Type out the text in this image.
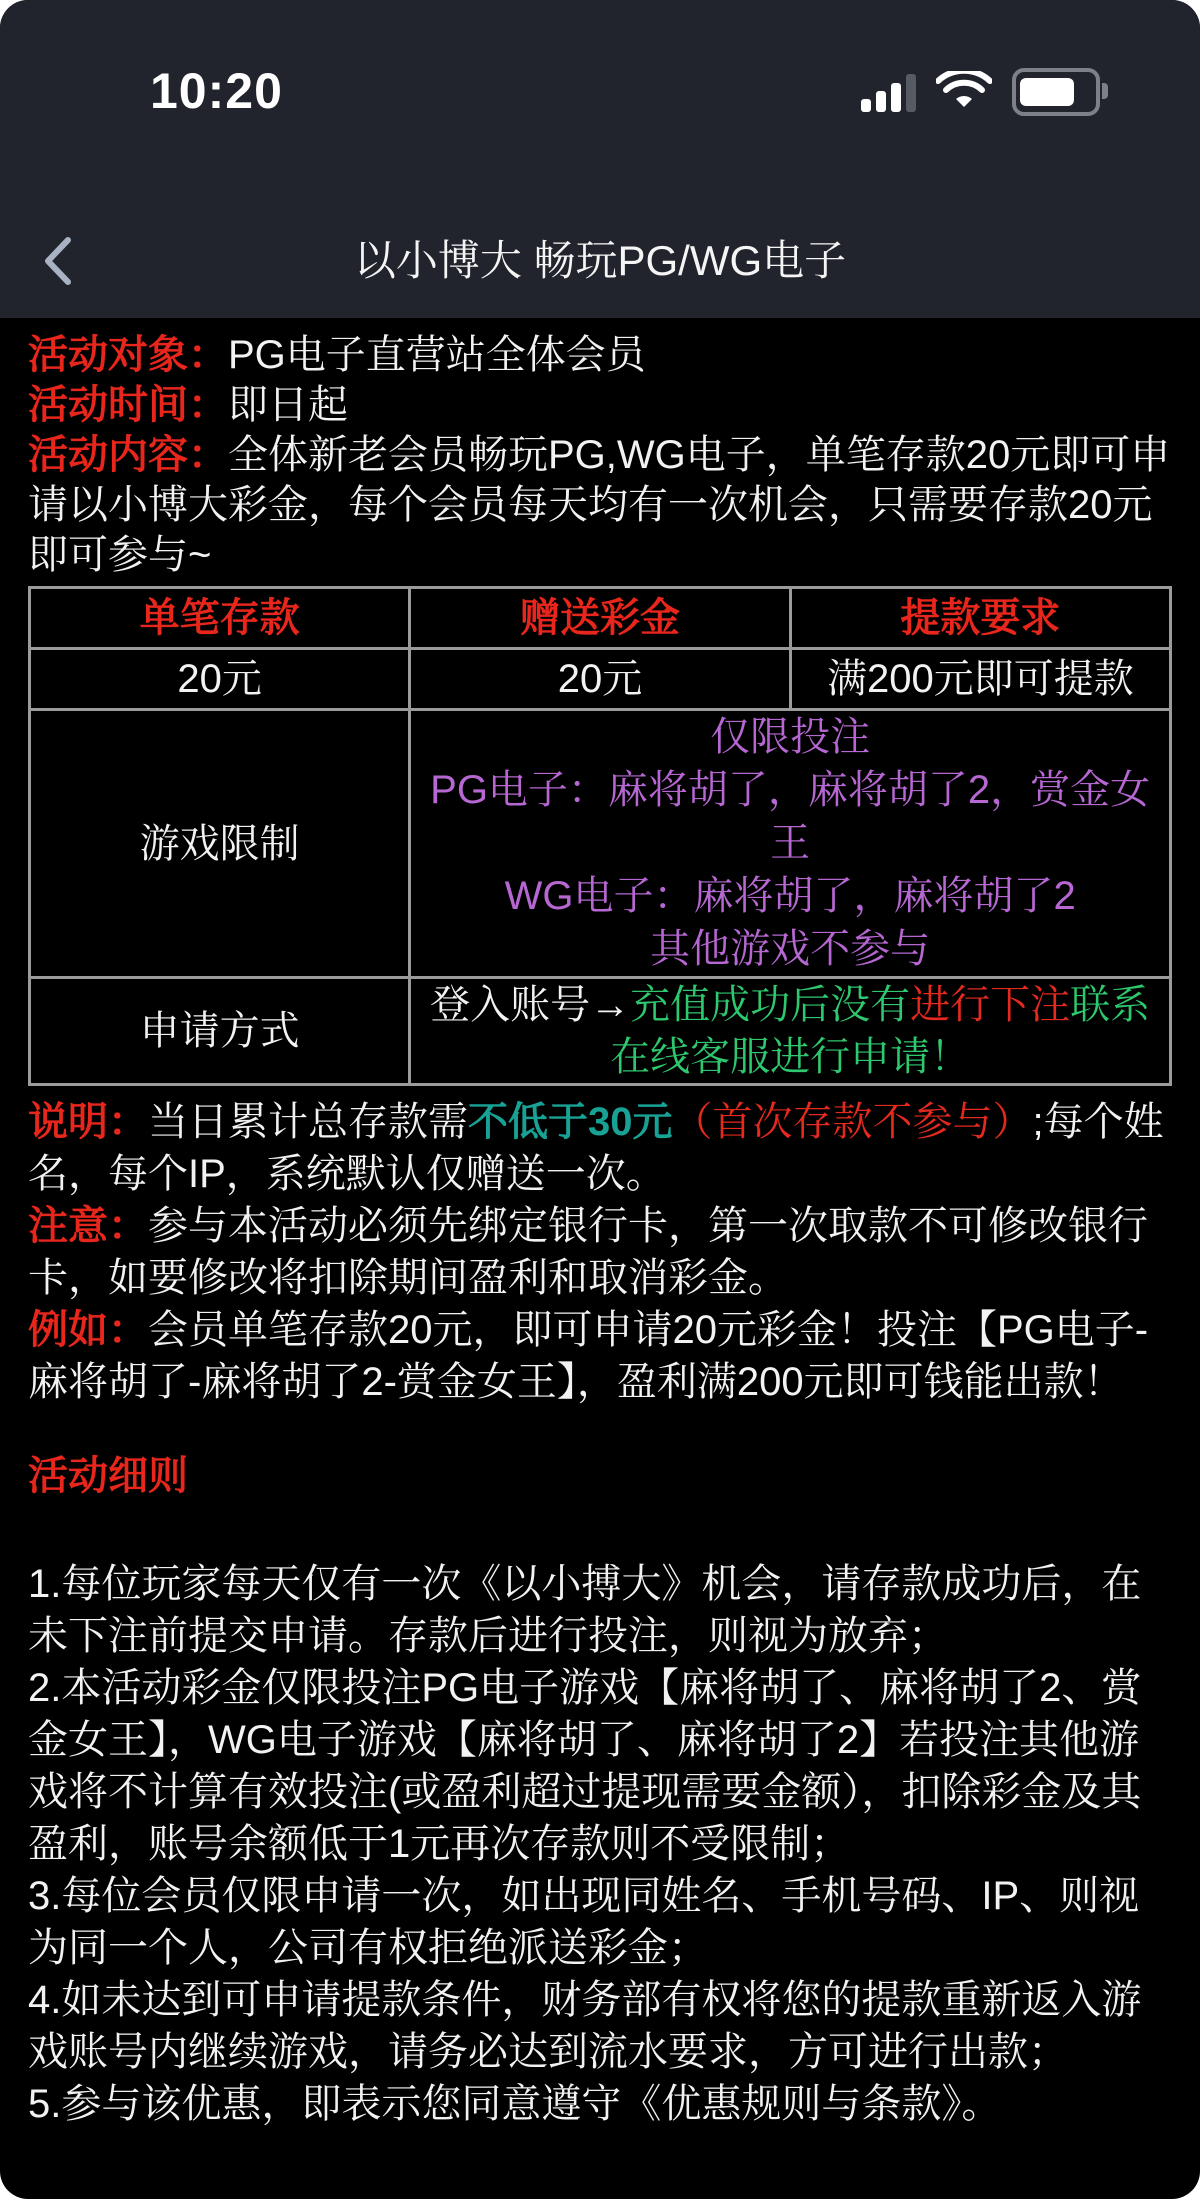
10:20
以小博大 畅玩PG/WG电子

活动对象：PG电子直营站全体会员

活动时间：即日起

活动内容：全体新老会员畅玩PG,WG电子，单笔存款20元即可申请以小博大彩金，每个会员每天均有一次机会，只需要存款20元即可参与~

单笔存款	赠送彩金	提款要求
20元	20元	满200元即可提款
游戏限制	仅限投注
PG电子：麻将胡了，麻将胡了2，赏金女王
WG电子：麻将胡了，麻将胡了2
其他游戏不参与	

申请方式	登入账号→充值成功后没有进行下注联系在线客服进行申请！	

说明：当日累计总存款需不低于30元（首次存款不参与）;每个姓名，每个IP，系统默认仅赠送一次。

注意：参与本活动必须先绑定银行卡，第一次取款不可修改银行卡，如要修改将扣除期间盈利和取消彩金。

例如：会员单笔存款20元，即可申请20元彩金！投注【PG电子-麻将胡了-麻将胡了2-赏金女王】，盈利满200元即可钱能出款！

活动细则

1.每位玩家每天仅有一次《以小搏大》机会，请存款成功后，在未下注前提交申请。存款后进行投注，则视为放弃；

2.本活动彩金仅限投注PG电子游戏【麻将胡了、麻将胡了2、赏金女王】，WG电子游戏【麻将胡了、麻将胡了2】若投注其他游戏将不计算有效投注(或盈利超过提现需要金额），扣除彩金及其盈利，账号余额低于1元再次存款则不受限制；

3.每位会员仅限申请一次，如出现同姓名、手机号码、IP、则视为同一个人，公司有权拒绝派送彩金；

4.如未达到可申请提款条件，财务部有权将您的提款重新返入游戏账号内继续游戏，请务必达到流水要求，方可进行出款；

5.参与该优惠，即表示您同意遵守《优惠规则与条款》。
